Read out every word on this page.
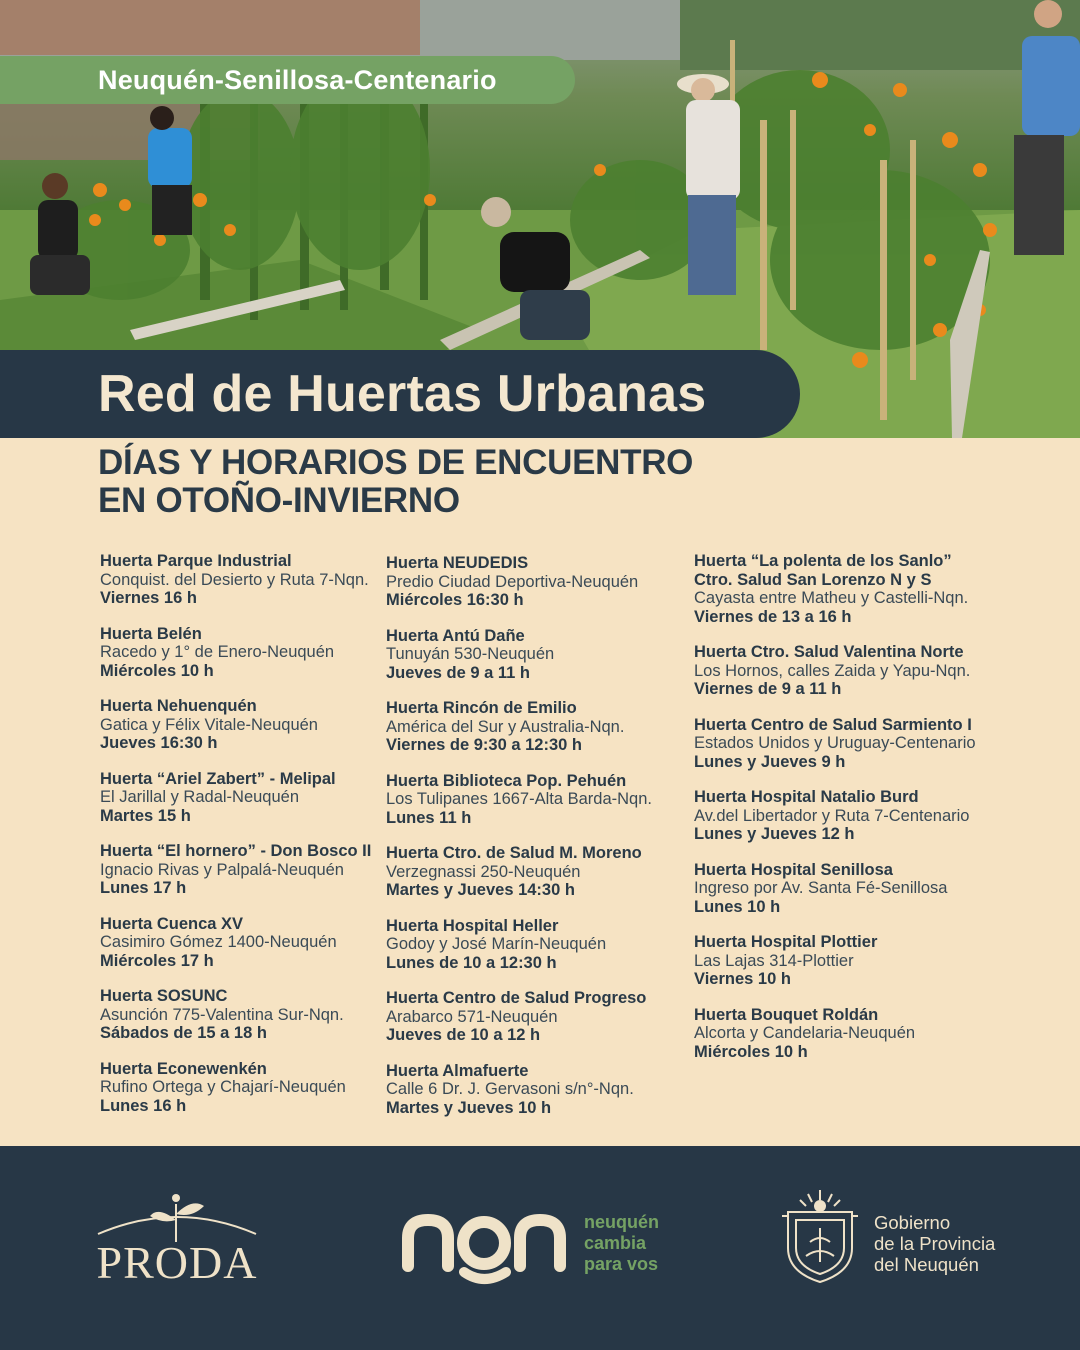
Neuquén-Senillosa-Centenario
Red de Huertas Urbanas
DÍAS Y HORARIOS DE ENCUENTRO
EN OTOÑO-INVIERNO
Huerta Parque Industrial
Conquist. del Desierto y Ruta 7-Nqn.
Viernes 16 h
Huerta Belén
Racedo y 1° de Enero-Neuquén
Miércoles 10 h
Huerta Nehuenquén
Gatica y Félix Vitale-Neuquén
Jueves 16:30 h
Huerta “Ariel Zabert” - Melipal
El Jarillal y Radal-Neuquén
Martes 15 h
Huerta “El hornero” - Don Bosco II
Ignacio Rivas y Palpalá-Neuquén
Lunes 17 h
Huerta Cuenca XV
Casimiro Gómez 1400-Neuquén
Miércoles 17 h
Huerta SOSUNC
Asunción 775-Valentina Sur-Nqn.
Sábados de 15 a 18 h
Huerta Econewenkén
Rufino Ortega y Chajarí-Neuquén
Lunes 16 h
Huerta NEUDEDIS
Predio Ciudad Deportiva-Neuquén
Miércoles 16:30 h
Huerta Antú Dañe
Tunuyán 530-Neuquén
Jueves de 9 a 11 h
Huerta Rincón de Emilio
América del Sur y Australia-Nqn.
Viernes de 9:30 a 12:30 h
Huerta Biblioteca Pop. Pehuén
Los Tulipanes 1667-Alta Barda-Nqn.
Lunes 11 h
Huerta Ctro. de Salud M. Moreno
Verzegnassi 250-Neuquén
Martes y Jueves 14:30 h
Huerta Hospital Heller
Godoy y José Marín-Neuquén
Lunes de 10 a 12:30 h
Huerta Centro de Salud Progreso
Arabarco 571-Neuquén
Jueves de 10 a 12 h
Huerta Almafuerte
Calle 6 Dr. J. Gervasoni s/n°-Nqn.
Martes y Jueves 10 h
Huerta “La polenta de los Sanlo”
Ctro. Salud San Lorenzo N y S
Cayasta entre Matheu y Castelli-Nqn.
Viernes de 13 a 16 h
Huerta Ctro. Salud Valentina Norte
Los Hornos, calles Zaida y Yapu-Nqn.
Viernes de 9 a 11 h
Huerta Centro de Salud Sarmiento I
Estados Unidos y Uruguay-Centenario
Lunes y Jueves 9 h
Huerta Hospital Natalio Burd
Av.del Libertador y Ruta 7-Centenario
Lunes y Jueves 12 h
Huerta Hospital Senillosa
Ingreso por Av. Santa Fé-Senillosa
Lunes 10 h
Huerta Hospital Plottier
Las Lajas 314-Plottier
Viernes 10 h
Huerta Bouquet Roldán
Alcorta y Candelaria-Neuquén
Miércoles 10 h
PRODA
neuquén
cambia
para vos
Gobierno
de la Provincia
del Neuquén
